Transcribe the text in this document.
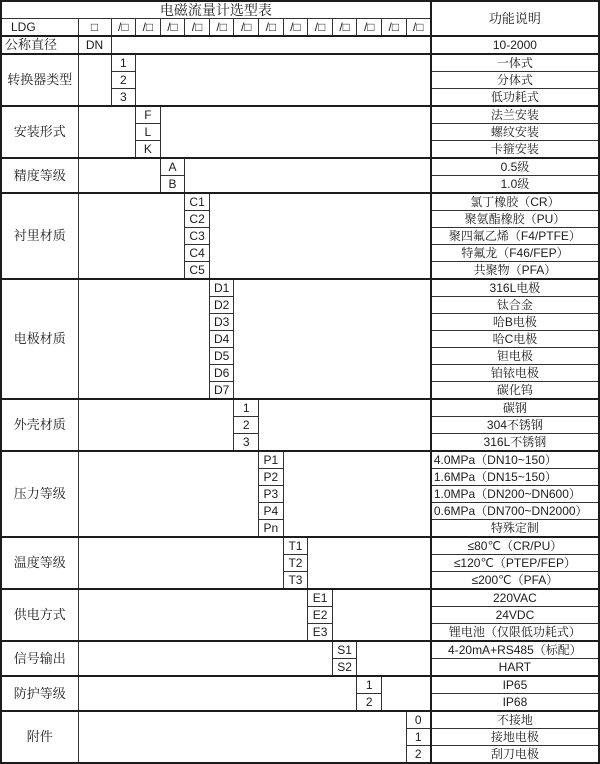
电磁流量计选型表															功能说明
LDG	□	/□	/□	/□	/□	/□	/□	/□	/□	/□	/□	/□	/□	/□	
公称直径	DN														10-2000
转换器类型		1													一体式
		2													分体式
		3													低功耗式
安装形式			F												法兰安装
			L												螺纹安装
			K												卡箍安装
精度等级				A											0.5级
				B											1.0级
衬里材质					C1										氯丁橡胶（CR）
					C2										聚氨酯橡胶（PU）
					C3										聚四氟乙烯（F4/PTFE）
					C4										特氟龙（F46/FEP）
					C5										共聚物（PFA）
电极材质						D1									316L电极
						D2									钛合金
						D3									哈B电极
						D4									哈C电极
						D5									钽电极
						D6									铂铱电极
						D7									碳化钨
外壳材质							1								碳钢
							2								304不锈钢
							3								316L不锈钢
压力等级								P1							4.0MPa（DN10~150）
								P2							1.6MPa（DN15~150）
								P3							1.0MPa（DN200~DN600）
								P4							0.6MPa（DN700~DN2000）
								Pn							特殊定制
温度等级									T1						≤80℃（CR/PU）
									T2						≤120℃（PTEP/FEP）
									T3						≤200℃（PFA）
供电方式										E1					220VAC
										E2					24VDC
										E3					锂电池（仅限低功耗式）
信号输出											S1				4-20mA+RS485（标配）
											S2				HART
防护等级												1			IP65
												2			IP68
附件														0	不接地
														1	接地电极
														2	刮刀电极
